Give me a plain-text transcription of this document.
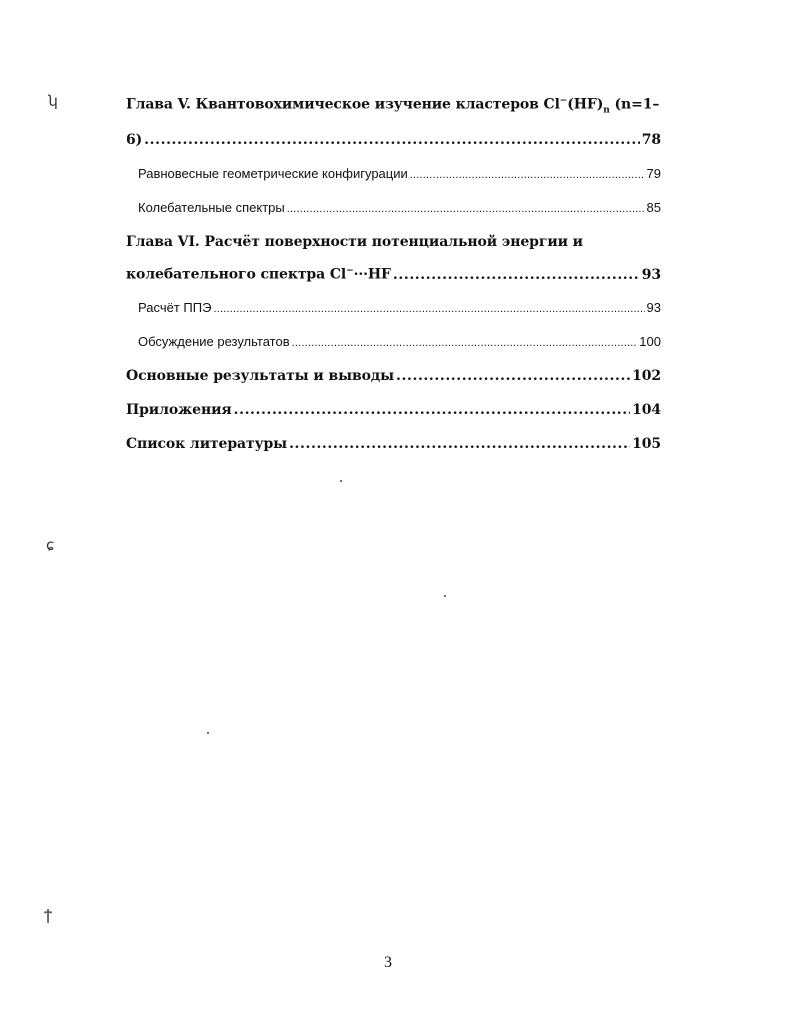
ʮ
ɕ
ϯ
Глава V. Квантовохимическое изучение кластеров $Cl^-(HF)_n$ (n=1–
6) .....	78
Равновесные геометрические конфигурации .....	79
Колебательные спектры .....	85
Глава VI. Расчёт поверхности потенциальной энергии и
колебательного спектра Cl−···HF .....	93
Расчёт ППЭ .....	93
Обсуждение результатов .....	100
Основные результаты и выводы .....	102
Приложения .....	104
Список литературы .....	105
3
